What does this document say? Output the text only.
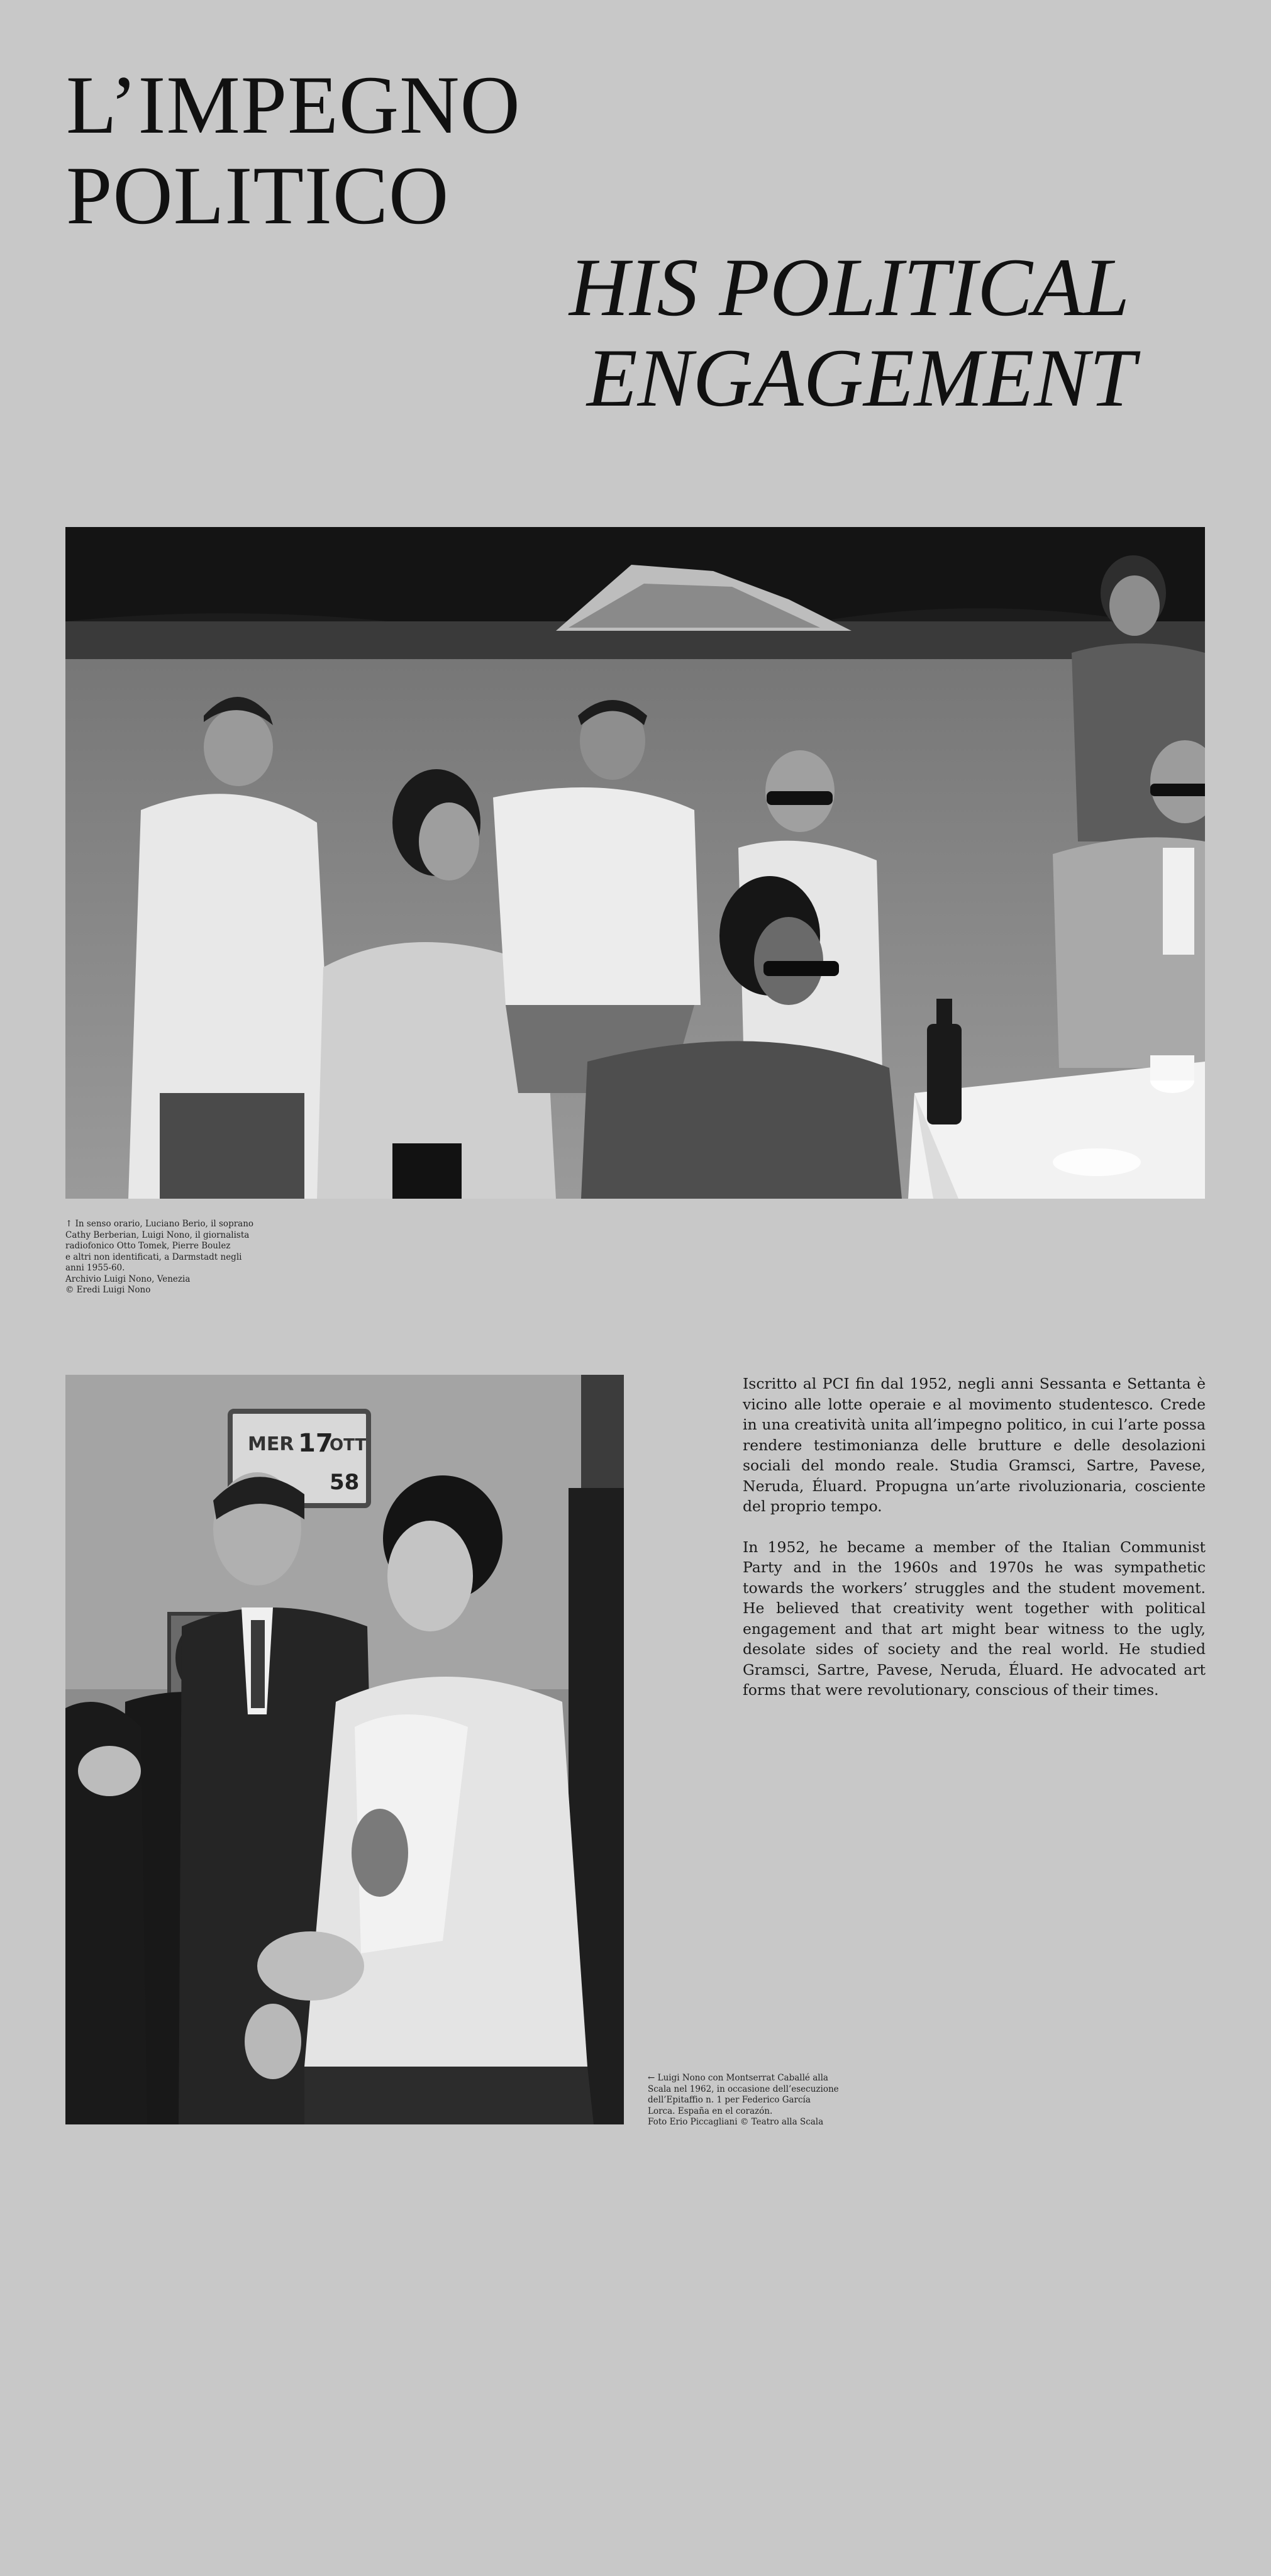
L’IMPEGNO
POLITICO
HIS POLITICAL

ENGAGEMENT
↑ In senso orario, Luciano Berio, il soprano
Cathy Berberian, Luigi Nono, il giornalista
radiofonico Otto Tomek, Pierre Boulez
e altri non identificati, a Darmstadt negli
anni 1955-60.
Archivio Luigi Nono, Venezia
© Eredi Luigi Nono
MER 17
OTT
58
← Luigi Nono con Montserrat Caballé alla
Scala nel 1962, in occasione dell’esecuzione
dell’Epitaffio n. 1 per Federico García
Lorca. España en el corazón.
Foto Erio Piccagliani © Teatro alla Scala

Iscritto al PCI fin dal 1952, negli anni Sessanta e Settanta è vicino alle lotte operaie e al movimento studentesco. Crede in una creatività unita all’impegno politico, in cui l’arte possa rendere testimonianza delle brutture e delle desolazioni sociali del mondo reale. Studia Gramsci, Sartre, Pavese, Neruda, Éluard. Propugna un’arte rivoluzionaria, cosciente del proprio tempo.

In 1952, he became a member of the Italian Communist Party and in the 1960s and 1970s he was sympathetic towards the workers’ struggles and the student movement. He believed that creativity went together with political engagement and that art might bear witness to the ugly, desolate sides of society and the real world. He studied Gramsci, Sartre, Pavese, Neruda, Éluard. He advocated art forms that were revolutionary, conscious of their times.
